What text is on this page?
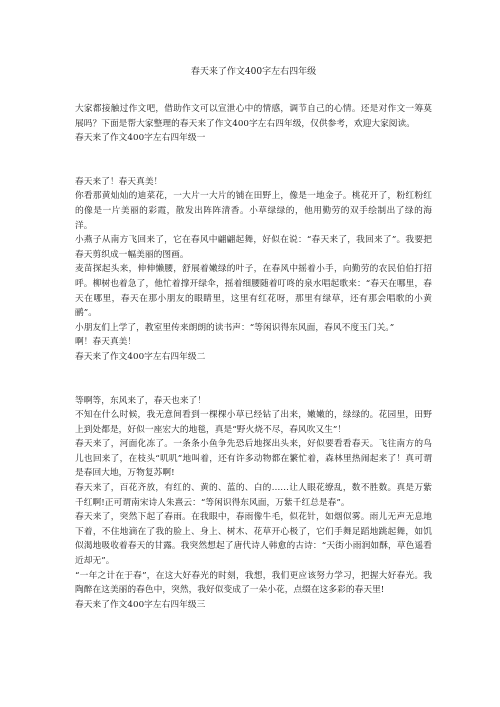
春天来了作文400字左右四年级

大家都接触过作文吧，借助作文可以宣泄心中的情感，调节自己的心情。还是对作文一筹莫展吗？下面是帮大家整理的春天来了作文400字左右四年级，仅供参考，欢迎大家阅读。

春天来了作文400字左右四年级一

春天来了！春天真美！

你看那黄灿灿的迪菜花，一大片一大片的铺在田野上，像是一地金子。桃花开了，粉红粉红的像是一片美丽的彩霞，散发出阵阵清香。小草绿绿的，他用勤劳的双手绘制出了绿的海洋。

小燕子从南方飞回来了，它在春风中翩翩起舞，好似在说：“春天来了，我回来了”。我要把春天剪织成一幅美丽的图画。

麦苗探起头来，伸伸懒腰，舒展着嫩绿的叶子，在春风中摇着小手，向勤劳的农民伯伯打招呼。柳树也着急了，他忙着撑开绿伞，摇着细腰随着叮咚的泉水唱起歌来：“春天在哪里，春天在哪里，春天在那小朋友的眼睛里，这里有红花呀，那里有绿草，还有那会唱歌的小黄鹂”。

小朋友们上学了，教室里传来朗朗的读书声：“等闲识得东风面，春风不度玉门关。”

啊！春天真美！

春天来了作文400字左右四年级二

等啊等，东风来了，春天也来了！

不知在什么时候，我无意间看到一棵棵小草已经钻了出来，嫩嫩的，绿绿的。花园里，田野上到处都是，好似一座宏大的地毯，真是“野火烧不尽，春风吹又生”！

春天来了，河面化冻了。一条条小鱼争先恐后地探出头来，好似要看看春天。飞往南方的鸟儿也回来了，在枝头“叽叽”地叫着，还有许多动物都在繁忙着，森林里热闹起来了！真可谓是春回大地，万物复苏啊!

春天来了，百花齐放，有红的、黄的、蓝的、白的……让人眼花缭乱，数不胜数。真是万紫千红啊!正可谓南宋诗人朱熹云：“等闲识得东风面，万紫千红总是春”。

春天来了，突然下起了春雨。在我眼中，春雨像牛毛，似花针，如烟似雾。雨儿无声无息地下着，不住地滴在了我的脸上、身上、树木、花草开心极了，它们手舞足蹈地跳起舞，如饥似渴地吸收着春天的甘露。我突然想起了唐代诗人韩愈的古诗：“天街小雨润如酥，草色遥看近却无”。

“一年之计在于春”，在这大好春光的时刻，我想，我们更应该努力学习，把握大好春光。我陶醉在这美丽的春色中，突然，我好似变成了一朵小花，点缀在这多彩的春天里!

春天来了作文400字左右四年级三
